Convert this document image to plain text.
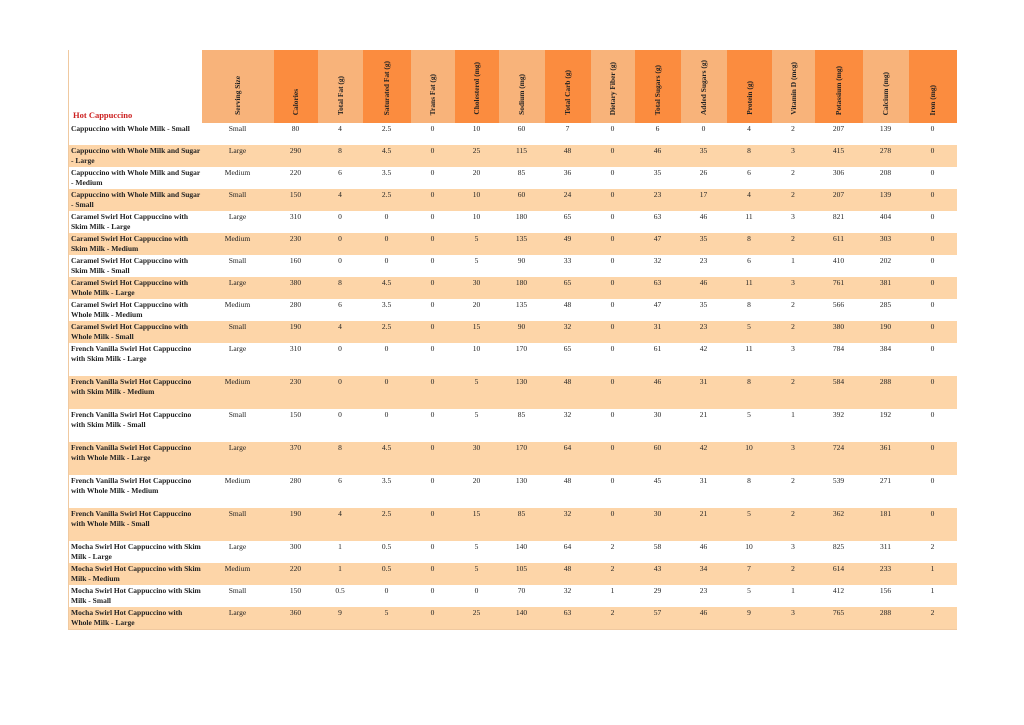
Hot Cappuccino	Serving Size	Calories	Total Fat (g)	Saturated Fat (g)	Trans Fat (g)	Cholesterol (mg)	Sodium (mg)	Total Carb (g)	Dietary Fiber (g)	Total Sugars (g)	Added Sugars (g)	Protein (g)	Vitamin D (mcg)	Potassium (mg)	Calcium (mg)	Iron (mg)
Cappuccino with Whole Milk - Small	Small	80	4	2.5	0	10	60	7	0	6	0	4	2	207	139	0
Cappuccino with Whole Milk and Sugar - Large	Large	290	8	4.5	0	25	115	48	0	46	35	8	3	415	278	0
Cappuccino with Whole Milk and Sugar - Medium	Medium	220	6	3.5	0	20	85	36	0	35	26	6	2	306	208	0
Cappuccino with Whole Milk and Sugar - Small	Small	150	4	2.5	0	10	60	24	0	23	17	4	2	207	139	0
Caramel Swirl Hot Cappuccino with Skim Milk - Large	Large	310	0	0	0	10	180	65	0	63	46	11	3	821	404	0
Caramel Swirl Hot Cappuccino with Skim Milk - Medium	Medium	230	0	0	0	5	135	49	0	47	35	8	2	611	303	0
Caramel Swirl Hot Cappuccino with Skim Milk - Small	Small	160	0	0	0	5	90	33	0	32	23	6	1	410	202	0
Caramel Swirl Hot Cappuccino with Whole Milk - Large	Large	380	8	4.5	0	30	180	65	0	63	46	11	3	761	381	0
Caramel Swirl Hot Cappuccino with Whole Milk - Medium	Medium	280	6	3.5	0	20	135	48	0	47	35	8	2	566	285	0
Caramel Swirl Hot Cappuccino with Whole Milk - Small	Small	190	4	2.5	0	15	90	32	0	31	23	5	2	380	190	0
French Vanilla Swirl Hot Cappuccino with Skim Milk - Large	Large	310	0	0	0	10	170	65	0	61	42	11	3	784	384	0
French Vanilla Swirl Hot Cappuccino with Skim Milk - Medium	Medium	230	0	0	0	5	130	48	0	46	31	8	2	584	288	0
French Vanilla Swirl Hot Cappuccino with Skim Milk - Small	Small	150	0	0	0	5	85	32	0	30	21	5	1	392	192	0
French Vanilla Swirl Hot Cappuccino with Whole Milk - Large	Large	370	8	4.5	0	30	170	64	0	60	42	10	3	724	361	0
French Vanilla Swirl Hot Cappuccino with Whole Milk - Medium	Medium	280	6	3.5	0	20	130	48	0	45	31	8	2	539	271	0
French Vanilla Swirl Hot Cappuccino with Whole Milk - Small	Small	190	4	2.5	0	15	85	32	0	30	21	5	2	362	181	0
Mocha Swirl Hot Cappuccino with Skim Milk - Large	Large	300	1	0.5	0	5	140	64	2	58	46	10	3	825	311	2
Mocha Swirl Hot Cappuccino with Skim Milk - Medium	Medium	220	1	0.5	0	5	105	48	2	43	34	7	2	614	233	1
Mocha Swirl Hot Cappuccino with Skim Milk - Small	Small	150	0.5	0	0	0	70	32	1	29	23	5	1	412	156	1
Mocha Swirl Hot Cappuccino with Whole Milk - Large	Large	360	9	5	0	25	140	63	2	57	46	9	3	765	288	2
